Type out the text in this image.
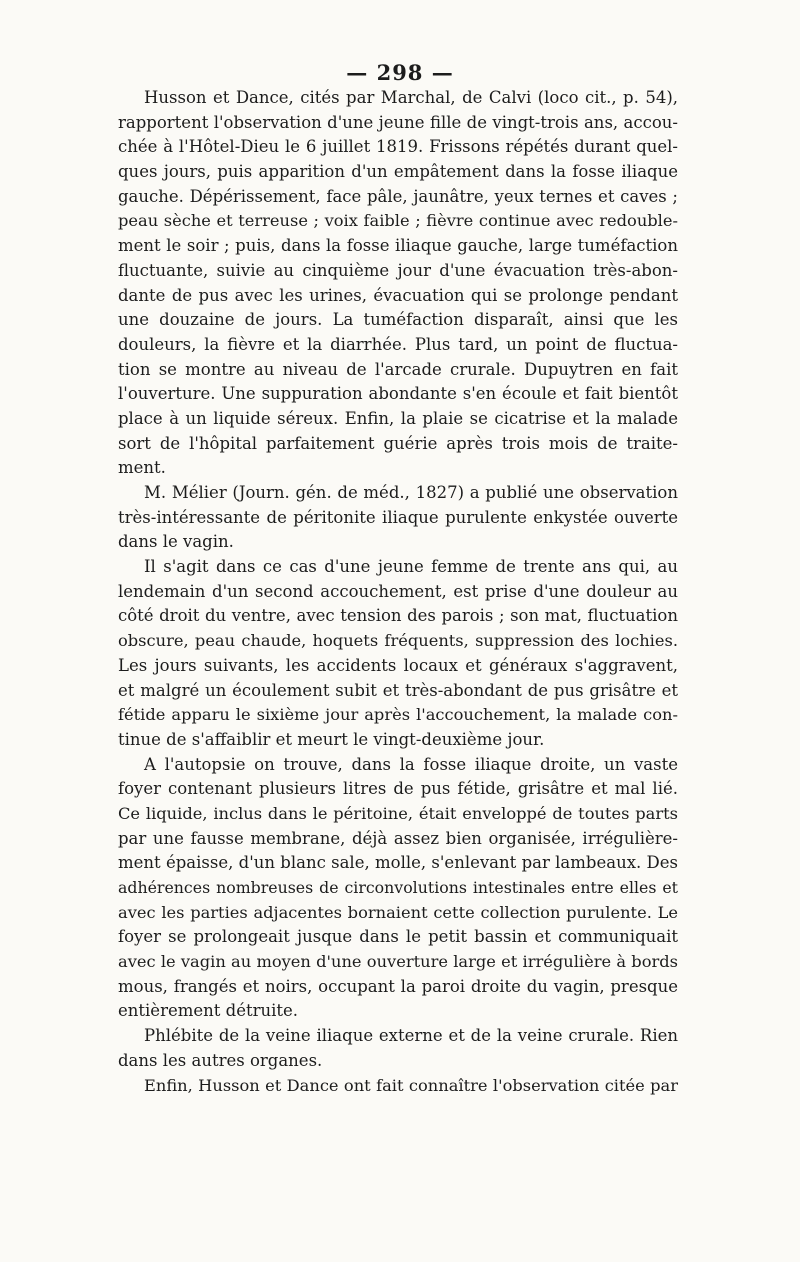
— 298 —
Husson et Dance, cités par Marchal, de Calvi (loco cit., p. 54),
rapportent l'observation d'une jeune fille de vingt-trois ans, accou-
chée à l'Hôtel-Dieu le 6 juillet 1819. Frissons répétés durant quel-
ques jours, puis apparition d'un empâtement dans la fosse iliaque
gauche. Dépérissement, face pâle, jaunâtre, yeux ternes et caves ;
peau sèche et terreuse ; voix faible ; fièvre continue avec redouble-
ment le soir ; puis, dans la fosse iliaque gauche, large tuméfaction
fluctuante, suivie au cinquième jour d'une évacuation très-abon-
dante de pus avec les urines, évacuation qui se prolonge pendant
une douzaine de jours. La tuméfaction disparaît, ainsi que les
douleurs, la fièvre et la diarrhée. Plus tard, un point de fluctua-
tion se montre au niveau de l'arcade crurale. Dupuytren en fait
l'ouverture. Une suppuration abondante s'en écoule et fait bientôt
place à un liquide séreux. Enfin, la plaie se cicatrise et la malade
sort de l'hôpital parfaitement guérie après trois mois de traite-
ment.
M. Mélier (Journ. gén. de méd., 1827) a publié une observation
très-intéressante de péritonite iliaque purulente enkystée ouverte
dans le vagin.
Il s'agit dans ce cas d'une jeune femme de trente ans qui, au
lendemain d'un second accouchement, est prise d'une douleur au
côté droit du ventre, avec tension des parois ; son mat, fluctuation
obscure, peau chaude, hoquets fréquents, suppression des lochies.
Les jours suivants, les accidents locaux et généraux s'aggravent,
et malgré un écoulement subit et très-abondant de pus grisâtre et
fétide apparu le sixième jour après l'accouchement, la malade con-
tinue de s'affaiblir et meurt le vingt-deuxième jour.
A l'autopsie on trouve, dans la fosse iliaque droite, un vaste
foyer contenant plusieurs litres de pus fétide, grisâtre et mal lié.
Ce liquide, inclus dans le péritoine, était enveloppé de toutes parts
par une fausse membrane, déjà assez bien organisée, irrégulière-
ment épaisse, d'un blanc sale, molle, s'enlevant par lambeaux. Des
adhérences nombreuses de circonvolutions intestinales entre elles et
avec les parties adjacentes bornaient cette collection purulente. Le
foyer se prolongeait jusque dans le petit bassin et communiquait
avec le vagin au moyen d'une ouverture large et irrégulière à bords
mous, frangés et noirs, occupant la paroi droite du vagin, presque
entièrement détruite.
Phlébite de la veine iliaque externe et de la veine crurale. Rien
dans les autres organes.
Enfin, Husson et Dance ont fait connaître l'observation citée par
